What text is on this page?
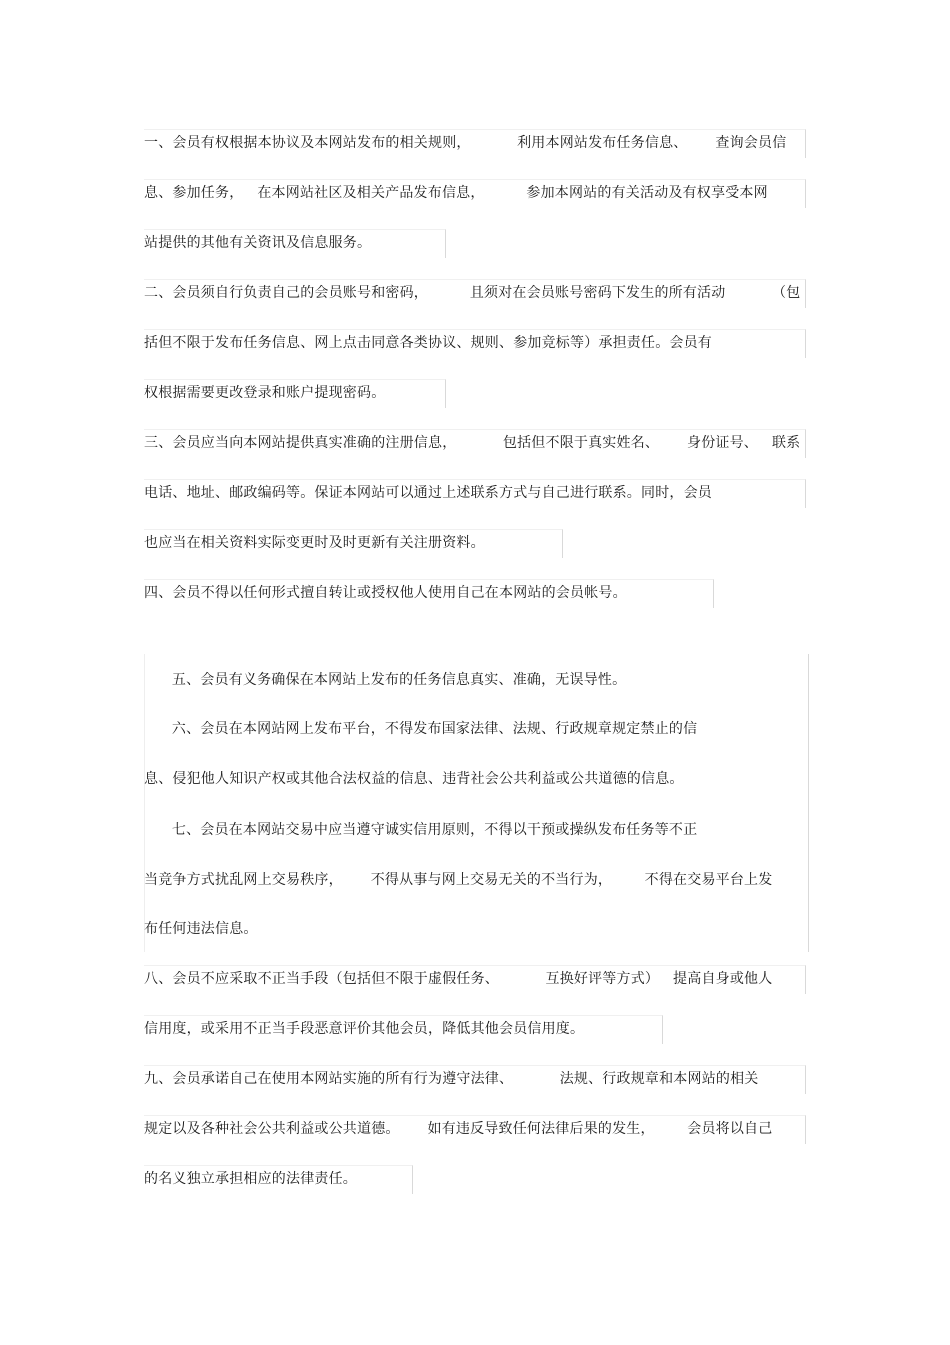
一、会员有权根据本协议及本网站发布的相关规则，          利用本网站发布任务信息、      查询会员信
息、参加任务，   在本网站社区及相关产品发布信息，         参加本网站的有关活动及有权享受本网
站提供的其他有关资讯及信息服务。
二、会员须自行负责自己的会员账号和密码，         且须对在会员账号密码下发生的所有活动          （包
括但不限于发布任务信息、网上点击同意各类协议、规则、参加竞标等）承担责任。会员有
权根据需要更改登录和账户提现密码。
三、会员应当向本网站提供真实准确的注册信息，          包括但不限于真实姓名、      身份证号、   联系
电话、地址、邮政编码等。保证本网站可以通过上述联系方式与自己进行联系。同时，会员
也应当在相关资料实际变更时及时更新有关注册资料。
四、会员不得以任何形式擅自转让或授权他人使用自己在本网站的会员帐号。
五、会员有义务确保在本网站上发布的任务信息真实、准确，无误导性。
六、会员在本网站网上发布平台，不得发布国家法律、法规、行政规章规定禁止的信
息、侵犯他人知识产权或其他合法权益的信息、违背社会公共利益或公共道德的信息。
七、会员在本网站交易中应当遵守诚实信用原则，不得以干预或操纵发布任务等不正
当竞争方式扰乱网上交易秩序，      不得从事与网上交易无关的不当行为，       不得在交易平台上发
布任何违法信息。
八、会员不应采取不正当手段（包括但不限于虚假任务、          互换好评等方式）   提高自身或他人
信用度，或采用不正当手段恶意评价其他会员，降低其他会员信用度。
九、会员承诺自己在使用本网站实施的所有行为遵守法律、          法规、行政规章和本网站的相关
规定以及各种社会公共利益或公共道德。      如有违反导致任何法律后果的发生，       会员将以自己
的名义独立承担相应的法律责任。
